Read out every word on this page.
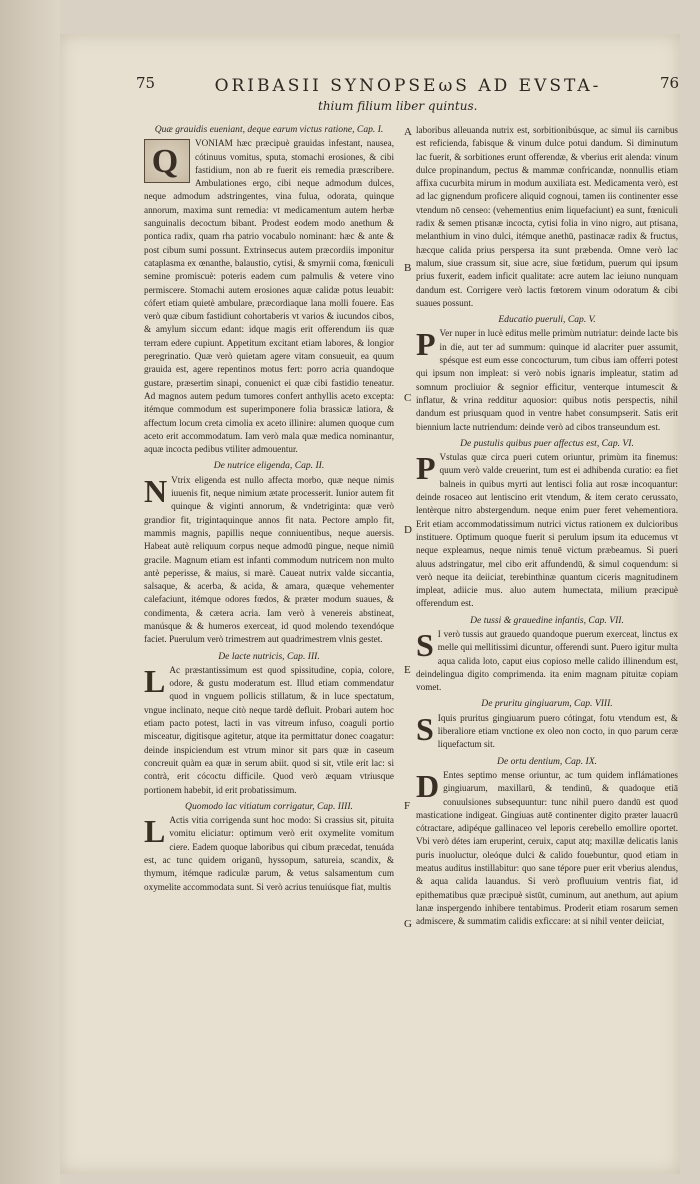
75	76
ORIBASII SYNOPSEωS AD EVSTA-
thium filium liber quintus.
Quæ grauidis eueniant, deque earum victus ratione, Cap. I.

Q	VONIAM hæc præcipuè grauidas infestant, nausea, cótinuus vomitus, sputa, stomachi erosiones, & cibi fastidium, non ab re fuerit eis remedia præscribere. Ambulationes ergo, cibi neque admodum dulces, neque admodum adstringentes, vina fulua, odorata, quinque annorum, maxima sunt remedia: vt medicamentum autem herbæ sanguinalis decoctum bibant. Prodest eodem modo anethum & pontica radix, quam rha patrio vocabulo nominant: hæc & ante & post cibum sumi possunt. Extrinsecus autem præcordiis imponitur cataplasma ex œnanthe, balaustio, cytisi, & smyrnii coma, fœniculi semine promiscuè: poteris eadem cum palmulis & vetere vino permiscere. Stomachi autem erosiones aquæ calidæ potus leuabit: cófert etiam quietè ambulare, præcordiaque lana molli fouere. Eas verò quæ cibum fastidiunt cohortaberis vt varios & iucundos cibos, & amylum siccum edant: idque magis erit offerendum iis quæ terram edere cupiunt. Appetitum excitant etiam labores, & longior peregrinatio. Quæ verò quietam agere vitam consueuit, ea quum grauida est, agere repentinos motus fert: porro acria quandoque gustare, præsertim sinapi, conuenict ei quæ cibi fastidio teneatur. Ad magnos autem pedum tumores confert anthyllis aceto excepta: itémque commodum est superimponere folia brassicæ latiora, & affectum locum creta cimolia ex aceto illinire: alumen quoque cum aceto erit accommodatum. Iam verò mala quæ medica nominantur, aquæ incocta pedibus vtiliter admouentur.

De nutrice eligenda, Cap. II.

N Vtrix eligenda est nullo affecta morbo, quæ neque nimis iuuenis fit, neque nimium ætate processerit. Iunior autem fit quinque & viginti annorum, & vndetriginta: quæ verò grandior fit, trigintaquinque annos fit nata. Pectore amplo fit, mammis magnis, papillis neque conniuentibus, neque auersis. Habeat autè reliquum corpus neque admodū pingue, neque nimiū gracile. Magnum etiam est infanti commodum nutricem non multo antè peperisse, & maius, si marè. Caueat nutrix valde siccantia, salsaque, & acerba, & acida, & amara, quæque vehementer calefaciunt, itémque odores fœdos, & præter modum suaues, & condimenta, & cætera acria. Iam verò à venereis abstineat, manúsque & & humeros exerceat, id quod molendo texendóque faciet. Puerulum verò trimestrem aut quadrimestrem vlnis gestet.

De lacte nutricis, Cap. III.

L Ac præstantissimum est quod spissitudine, copia, colore, odore, & gustu moderatum est. Illud etiam commendatur quod in vnguem pollicis stillatum, & in luce spectatum, vngue inclinato, neque citò neque tardè defluit. Probari autem hoc etiam pacto potest, lacti in vas vitreum infuso, coaguli portio misceatur, digitisque agitetur, atque ita permittatur donec coagatur: deinde inspiciendum est vtrum minor sit pars quæ in caseum concreuit quàm ea quæ in serum abiit. quod si sit, vtile erit lac: si contrà, erit cócoctu difficile. Quod verò æquam vtriusque portionem habebit, id erit probatissimum.

Quomodo lac vitiatum corrigatur, Cap. IIII.

L Actis vitia corrigenda sunt hoc modo: Si crassius sit, pituita vomitu eliciatur: optimum verò erit oxymelite vomitum ciere. Eadem quoque laboribus qui cibum præcedat, tenuáda est, ac tunc quidem origanū, hyssopum, satureia, scandix, & thymum, itémque radiculæ parum, & vetus salsamentum cum oxymelite accommodata sunt. Si verò acrius tenuiúsque fiat, multis

laboribus alleuanda nutrix est, sorbitionibúsque, ac simul iis carnibus est reficienda, fabisque & vinum dulce potui dandum. Si diminutum lac fuerit, & sorbitiones erunt offerendæ, & vberius erit alenda: vinum dulce propinandum, pectus & mammæ confricandæ, nonnullis etiam affixa cucurbita mirum in modum auxiliata est. Medicamenta verò, est ad lac gignendum proficere aliquid cognoui, tamen iis continenter esse vtendum nō censeo: (vehementius enim liquefaciunt) ea sunt, fœniculi radix & semen ptisanæ incocta, cytisi folia in vino nigro, aut ptisana, melanthium in vino dulci, itémque anethū, pastinacæ radix & fructus, hæcque calida prius perspersa ita sunt præbenda. Omne verò lac malum, siue crassum sit, siue acre, siue fœtidum, puerum qui ipsum prius fuxerit, eadem inficit qualitate: acre autem lac ieiuno nunquam dandum est. Corrigere verò lactis fœtorem vinum odoratum & cibi suaues possunt.

Educatio pueruli, Cap. V.

P Ver nuper in lucè editus melle primùm nutriatur: deinde lacte bis in die, aut ter ad summum: quinque id alacriter puer assumit, spésque est eum esse concocturum, tum cibus iam offerri potest qui ipsum non impleat: si verò nobis ignaris impleatur, statim ad somnum procliuior & segnior efficitur, venterque intumescit & inflatur, & vrina redditur aquosior: quibus notis perspectis, nihil dandum est priusquam quod in ventre habet consumpserit. Satis erit biennium lacte nutriendum: deinde verò ad cibos transeundum est.

De pustulis quibus puer affectus est, Cap. VI.

P Vstulas quæ circa pueri cutem oriuntur, primùm ita finemus: quum verò valde creuerint, tum est ei adhibenda curatio: ea fiet balneis in quibus myrti aut lentisci folia aut rosæ incoquantur: deinde rosaceo aut lentiscino erit vtendum, & item cerato cerussato, lentèrque nitro abstergendum. neque enim puer feret vehementiora. Erit etiam accommodatissimum nutrici victus rationem ex dulcioribus instituere. Optimum quoque fuerit si perulum ipsum ita educemus vt neque expleamus, neque nimis tenuē victum præbeamus. Si pueri aluus adstringatur, mel cibo erit affundendū, & simul coquendum: si verò neque ita deiiciat, terebinthinæ quantum ciceris magnitudinem impleat, adiicie mus. aluo autem humectata, milium præcipuè offerendum est.

De tussi & grauedine infantis, Cap. VII.

S I verò tussis aut grauedo quandoque puerum exerceat, linctus ex melle qui mellitissimi dicuntur, offerendi sunt. Puero igitur multa aqua calida loto, caput eius copioso melle calido illinendum est, deindelingua digito comprimenda. ita enim magnam pituitæ copiam vomet.

De pruritu gingiuarum, Cap. VIII.

S Iquis pruritus gingiuarum puero cótingat, fotu vtendum est, & liberaliore etiam vnctione ex oleo non cocto, in quo parum ceræ liquefactum sit.

De ortu dentium, Cap. IX.

D Entes septimo mense oriuntur, ac tum quidem inflámationes gingiuarum, maxillarū, & tendinū, & quadoque etiā conuulsiones subsequuntur: tunc nihil puero dandū est quod masticatione indigeat. Gingiuas autē continenter digito præter lauacrū cótractare, adipéque gallinaceo vel leporis cerebello emollire oportet. Vbi verò détes iam eruperint, ceruix, caput atq; maxillæ delicatis lanis puris inuoluctur, oleóque dulci & calido fouebuntur, quod etiam in meatus auditus instillabitur: quo sane tépore puer erit vberius alendus, & aqua calida lauandus. Si verò profluuium ventris fiat, id epithematibus quæ præcipuè sistūt, cuminum, aut anethum, aut apium lanæ inspergendo inhibere tentabimus. Proderit etiam rosarum semen admiscere, & summatim calidis exficcare: at si nihil venter deiiciat,

A
B
C
D
E
F
G
